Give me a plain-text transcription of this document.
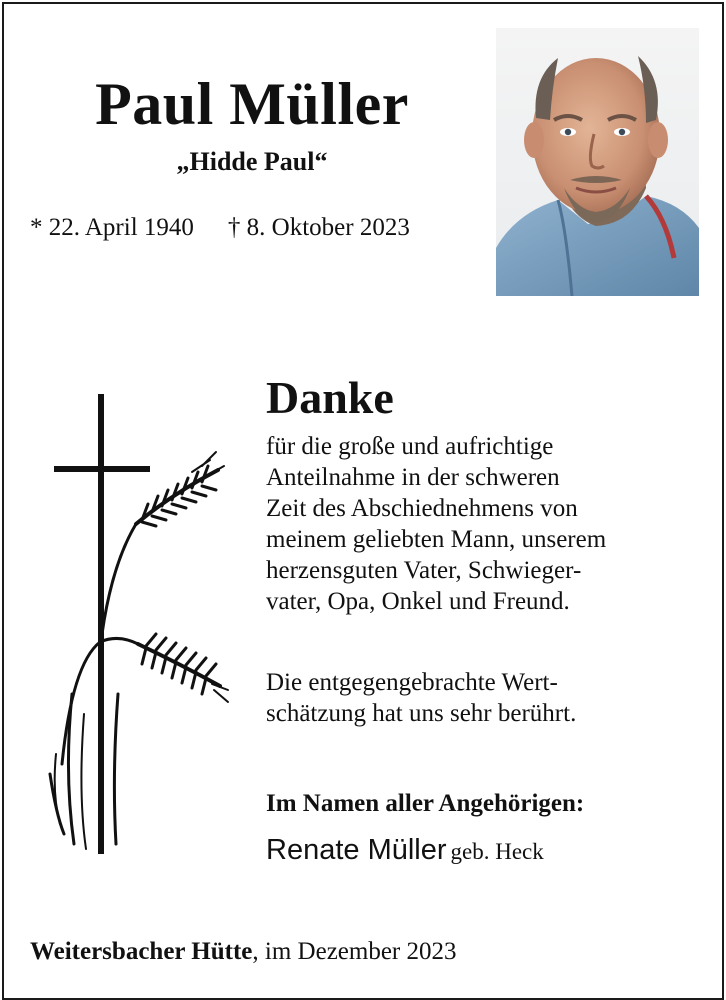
Paul Müller
„Hidde Paul“
* 22. April 1940 † 8. Oktober 2023
Danke
für die große und aufrichtige
Anteilnahme in der schweren
Zeit des Abschiednehmens von
meinem geliebten Mann, unserem
herzensguten Vater, Schwieger-
vater, Opa, Onkel und Freund.
Die entgegengebrachte Wert-
schätzung hat uns sehr berührt.
Im Namen aller Angehörigen:
Renate Müller geb. Heck
Weitersbacher Hütte, im Dezember 2023
